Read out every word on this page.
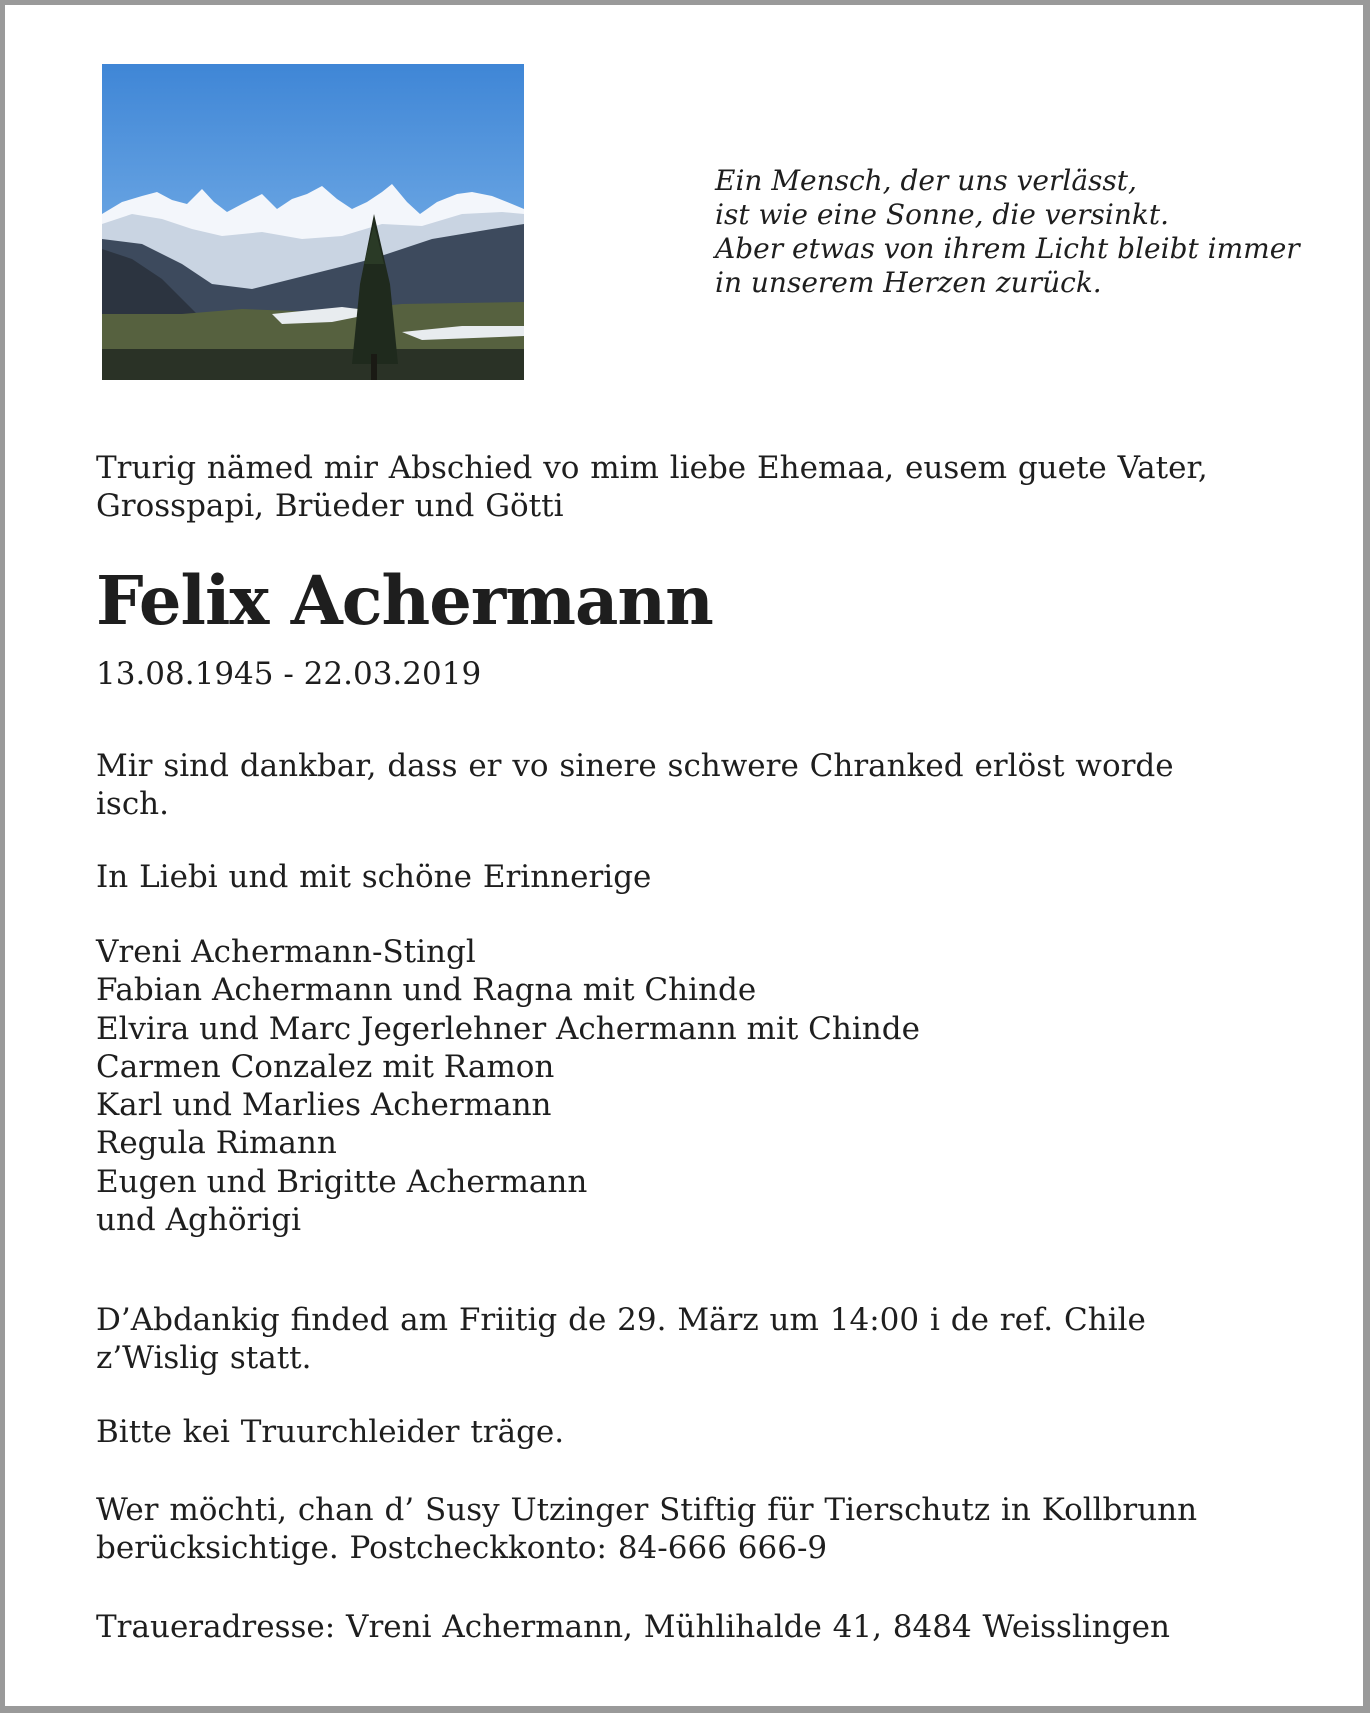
Ein Mensch, der uns verlässt,
ist wie eine Sonne, die versinkt.
Aber etwas von ihrem Licht bleibt immer
in unserem Herzen zurück.
Trurig nämed mir Abschied vo mim liebe Ehemaa, eusem guete Vater,
Grosspapi, Brüeder und Götti
Felix Achermann
13.08.1945 - 22.03.2019
Mir sind dankbar, dass er vo sinere schwere Chranked erlöst worde
isch.
In Liebi und mit schöne Erinnerige
Vreni Achermann-Stingl
Fabian Achermann und Ragna mit Chinde
Elvira und Marc Jegerlehner Achermann mit Chinde
Carmen Conzalez mit Ramon
Karl und Marlies Achermann
Regula Rimann
Eugen und Brigitte Achermann
und Aghörigi
D’Abdankig finded am Friitig de 29. März um 14:00 i de ref. Chile
z’Wislig statt.
Bitte kei Truurchleider träge.
Wer möchti, chan d’ Susy Utzinger Stiftig für Tierschutz in Kollbrunn
berücksichtige. Postcheckkonto: 84-666 666-9
Traueradresse: Vreni Achermann, Mühlihalde 41, 8484 Weisslingen
